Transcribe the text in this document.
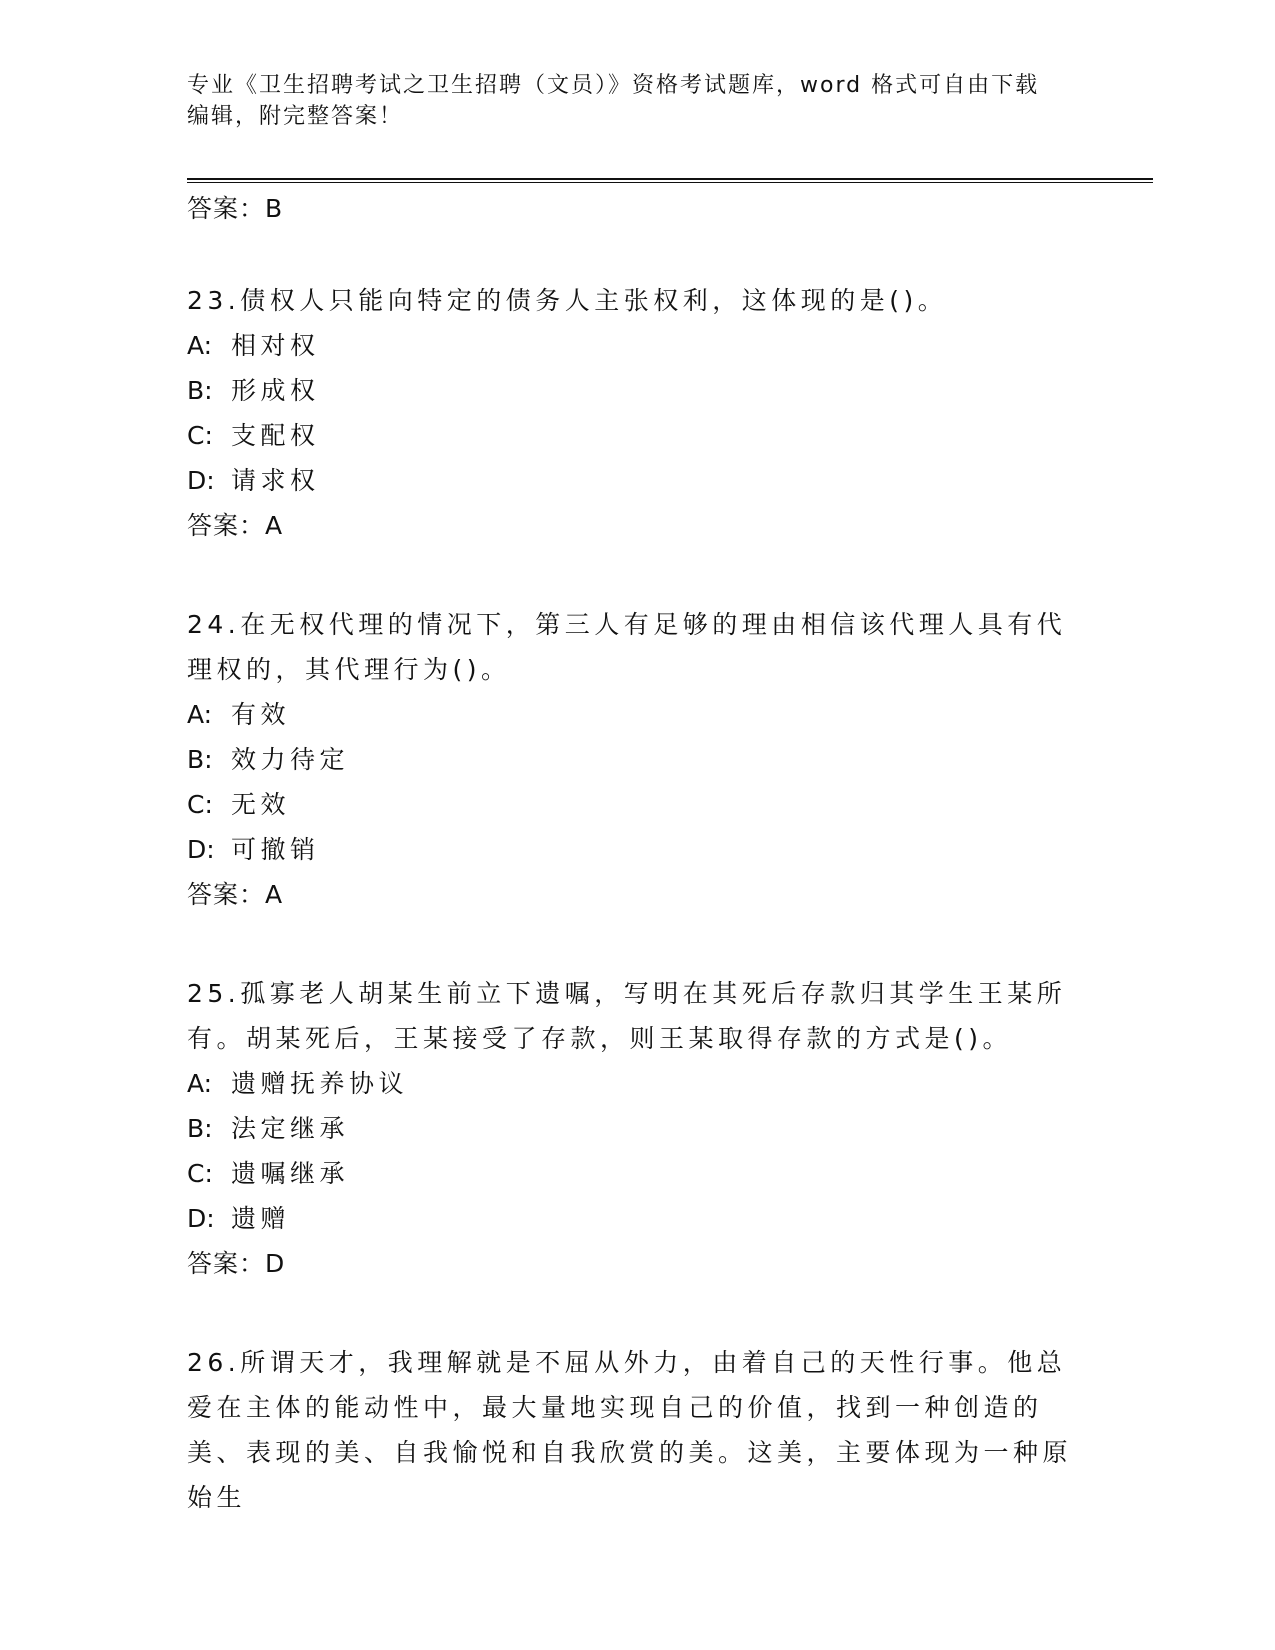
专业《卫生招聘考试之卫生招聘（文员）》资格考试题库，word 格式可自由下载
编辑，附完整答案！
答案：B
23.债权人只能向特定的债务人主张权利，这体现的是()。
A: 相对权
B: 形成权
C: 支配权
D: 请求权
答案：A
24.在无权代理的情况下，第三人有足够的理由相信该代理人具有代理权的，其代理行为()。
A: 有效
B: 效力待定
C: 无效
D: 可撤销
答案：A
25.孤寡老人胡某生前立下遗嘱，写明在其死后存款归其学生王某所有。胡某死后，王某接受了存款，则王某取得存款的方式是()。
A: 遗赠抚养协议
B: 法定继承
C: 遗嘱继承
D: 遗赠
答案：D
26.所谓天才，我理解就是不屈从外力，由着自己的天性行事。他总爱在主体的能动性中，最大量地实现自己的价值，找到一种创造的美、表现的美、自我愉悦和自我欣赏的美。这美，主要体现为一种原始生
